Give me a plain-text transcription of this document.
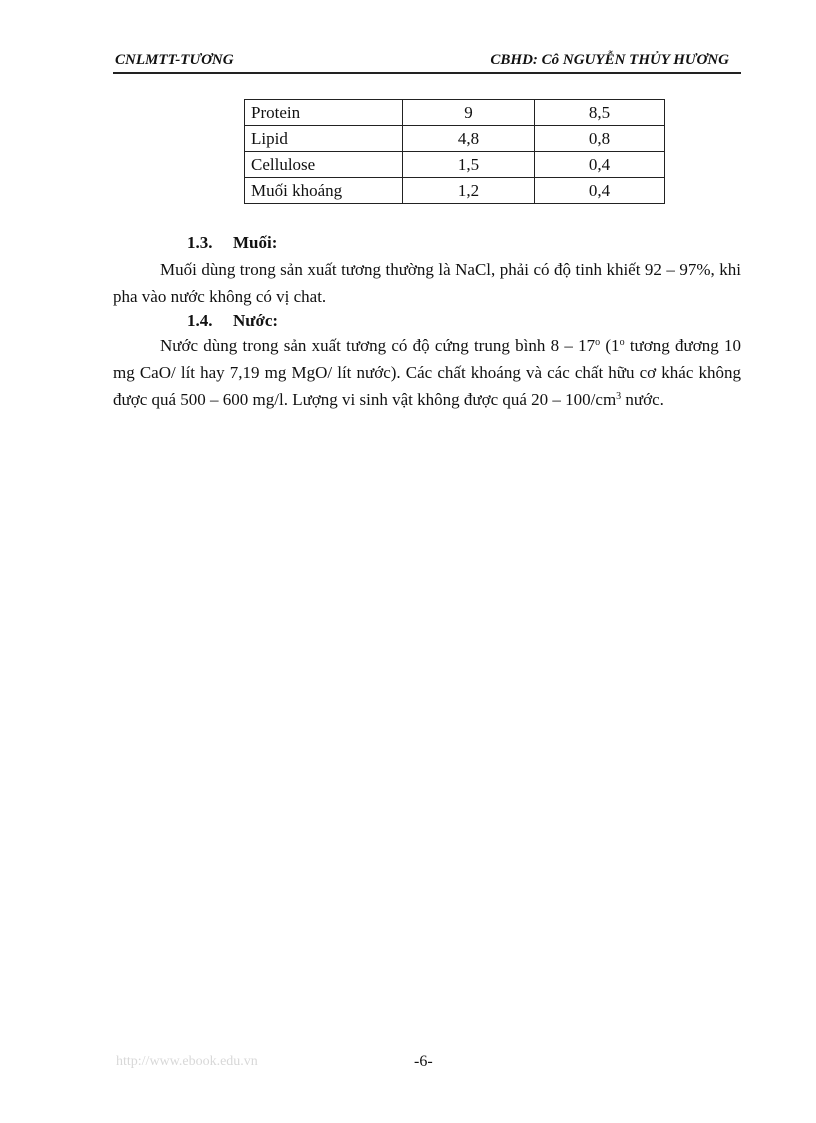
CNLMTT-TƯƠNG	CBHD: Cô NGUYỄN THỦY HƯƠNG
Protein	9	8,5
Lipid	4,8	0,8
Cellulose	1,5	0,4
Muối khoáng	1,2	0,4
1.3. Muối:
Muối dùng trong sản xuất tương thường là NaCl, phải có độ tinh khiết 92 – 97%, khi pha vào nước không có vị chat.
1.4. Nước:
Nước dùng trong sản xuất tương có độ cứng trung bình 8 – 17$^o$ (1$^o$ tương đương 10 mg CaO/ lít hay 7,19 mg MgO/ lít nước). Các chất khoáng và các chất hữu cơ khác không được quá 500 – 600 mg/l. Lượng vi sinh vật không được quá $20 - 100/cm^3$ nước.
http://www.ebook.edu.vn	-6-
